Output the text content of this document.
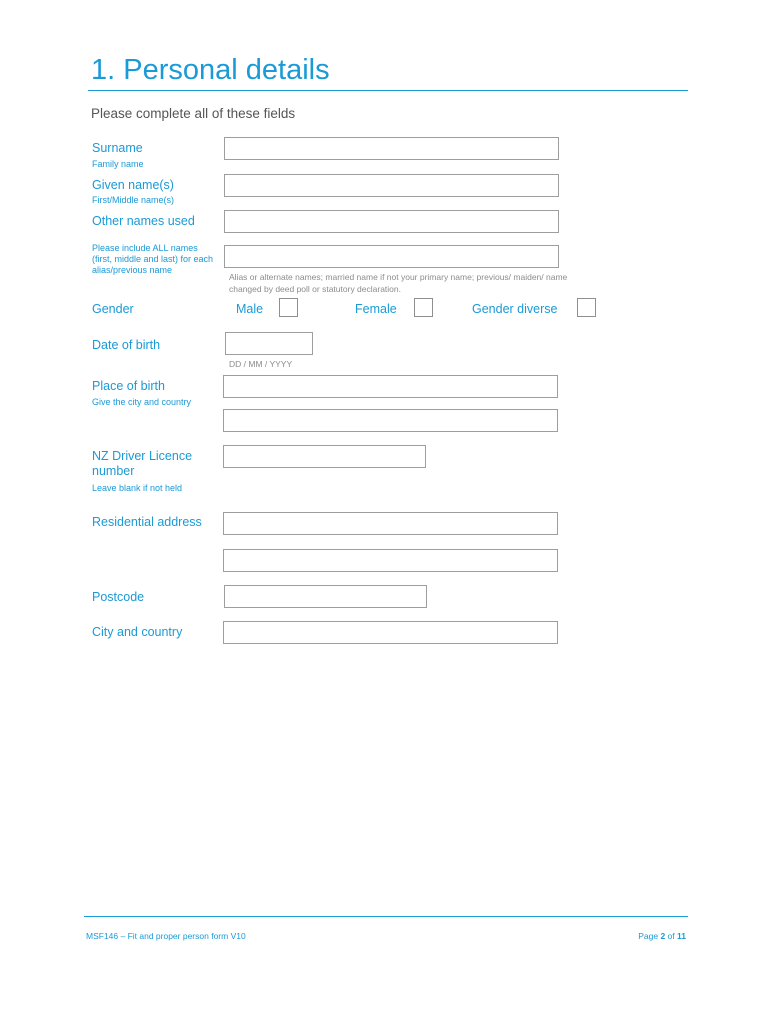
1. Personal details
Please complete all of these fields
Surname
Family name
Given name(s)
First/Middle name(s)
Other names used
Please include ALL names (first, middle and last) for each alias/previous name
Alias or alternate names; married name if not your primary name; previous/ maiden/ name changed by deed poll or statutory declaration.
Gender	Male	Female	Gender diverse
Date of birth
DD / MM / YYYY
Place of birth
Give the city and country
NZ Driver Licence
number
Leave blank if not held
Residential address
Postcode
City and country
MSF146 – Fit and proper person form V10	Page 2 of 11
